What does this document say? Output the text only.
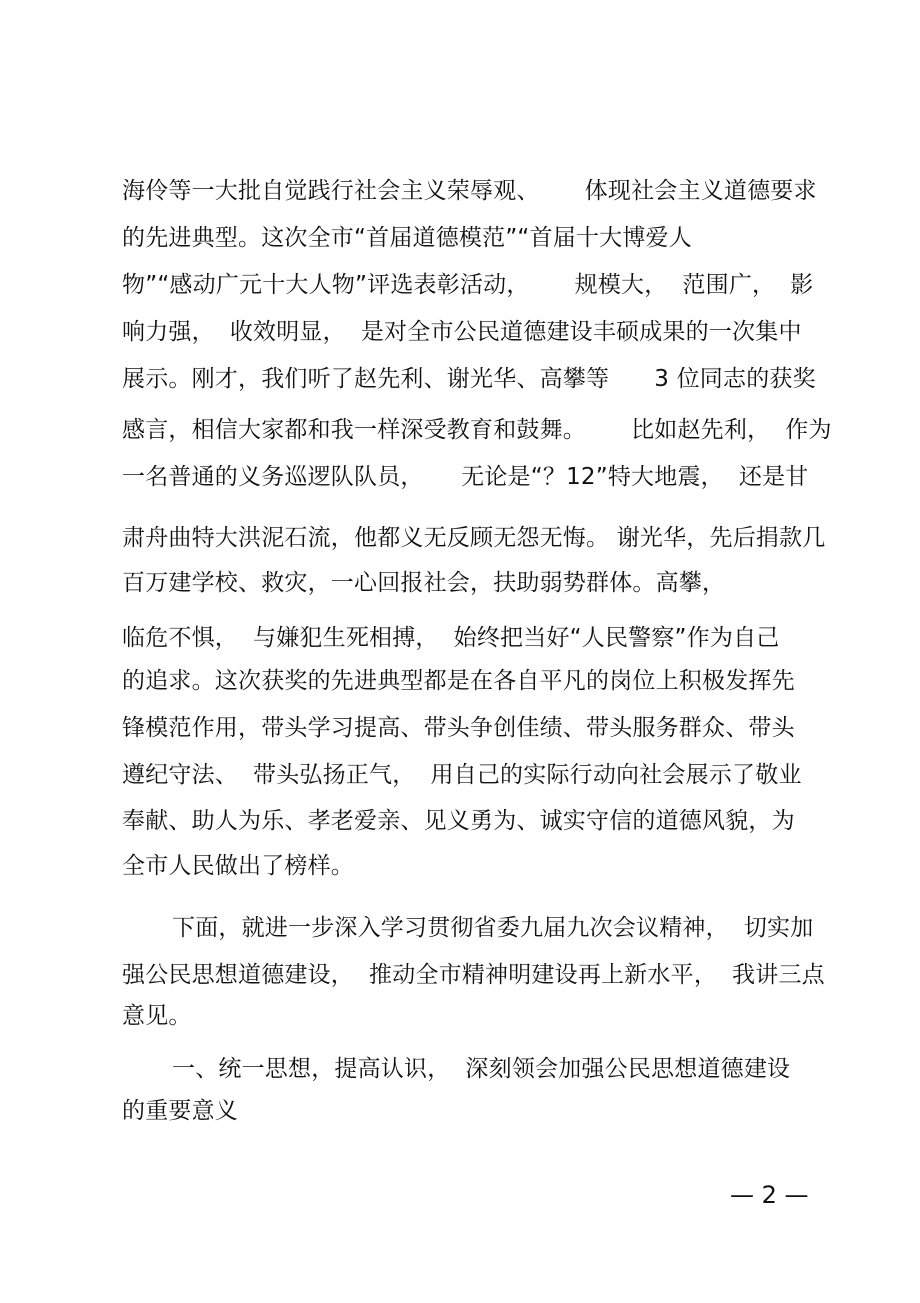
海伶等一大批自觉践行社会主义荣辱观、      体现社会主义道德要求
的先进典型。这次全市“首届道德模范”“首届十大博爱人
物”“感动广元十大人物”评选表彰活动，      规模大，  范围广，  影
响力强，  收效明显，  是对全市公民道德建设丰硕成果的一次集中
展示。刚才，我们听了赵先利、谢光华、高攀等      3 位同志的获奖
感言，相信大家都和我一样深受教育和鼓舞。      比如赵先利，  作为
一名普通的义务巡逻队队员，     无论是“？12”特大地震，  还是甘
肃舟曲特大洪泥石流，他都义无反顾无怨无悔。 谢光华，先后捐款几
百万建学校、救灾，一心回报社会，扶助弱势群体。高攀，
临危不惧，  与嫌犯生死相搏，  始终把当好“人民警察”作为自己
的追求。这次获奖的先进典型都是在各自平凡的岗位上积极发挥先
锋模范作用，带头学习提高、带头争创佳绩、带头服务群众、带头
遵纪守法、  带头弘扬正气，  用自己的实际行动向社会展示了敬业
奉献、助人为乐、孝老爱亲、见义勇为、诚实守信的道德风貌，为
全市人民做出了榜样。
下面，就进一步深入学习贯彻省委九届九次会议精神，  切实加
强公民思想道德建设，  推动全市精神明建设再上新水平，  我讲三点
意见。
一、统一思想，提高认识，  深刻领会加强公民思想道德建设
的重要意义
— 2 —
